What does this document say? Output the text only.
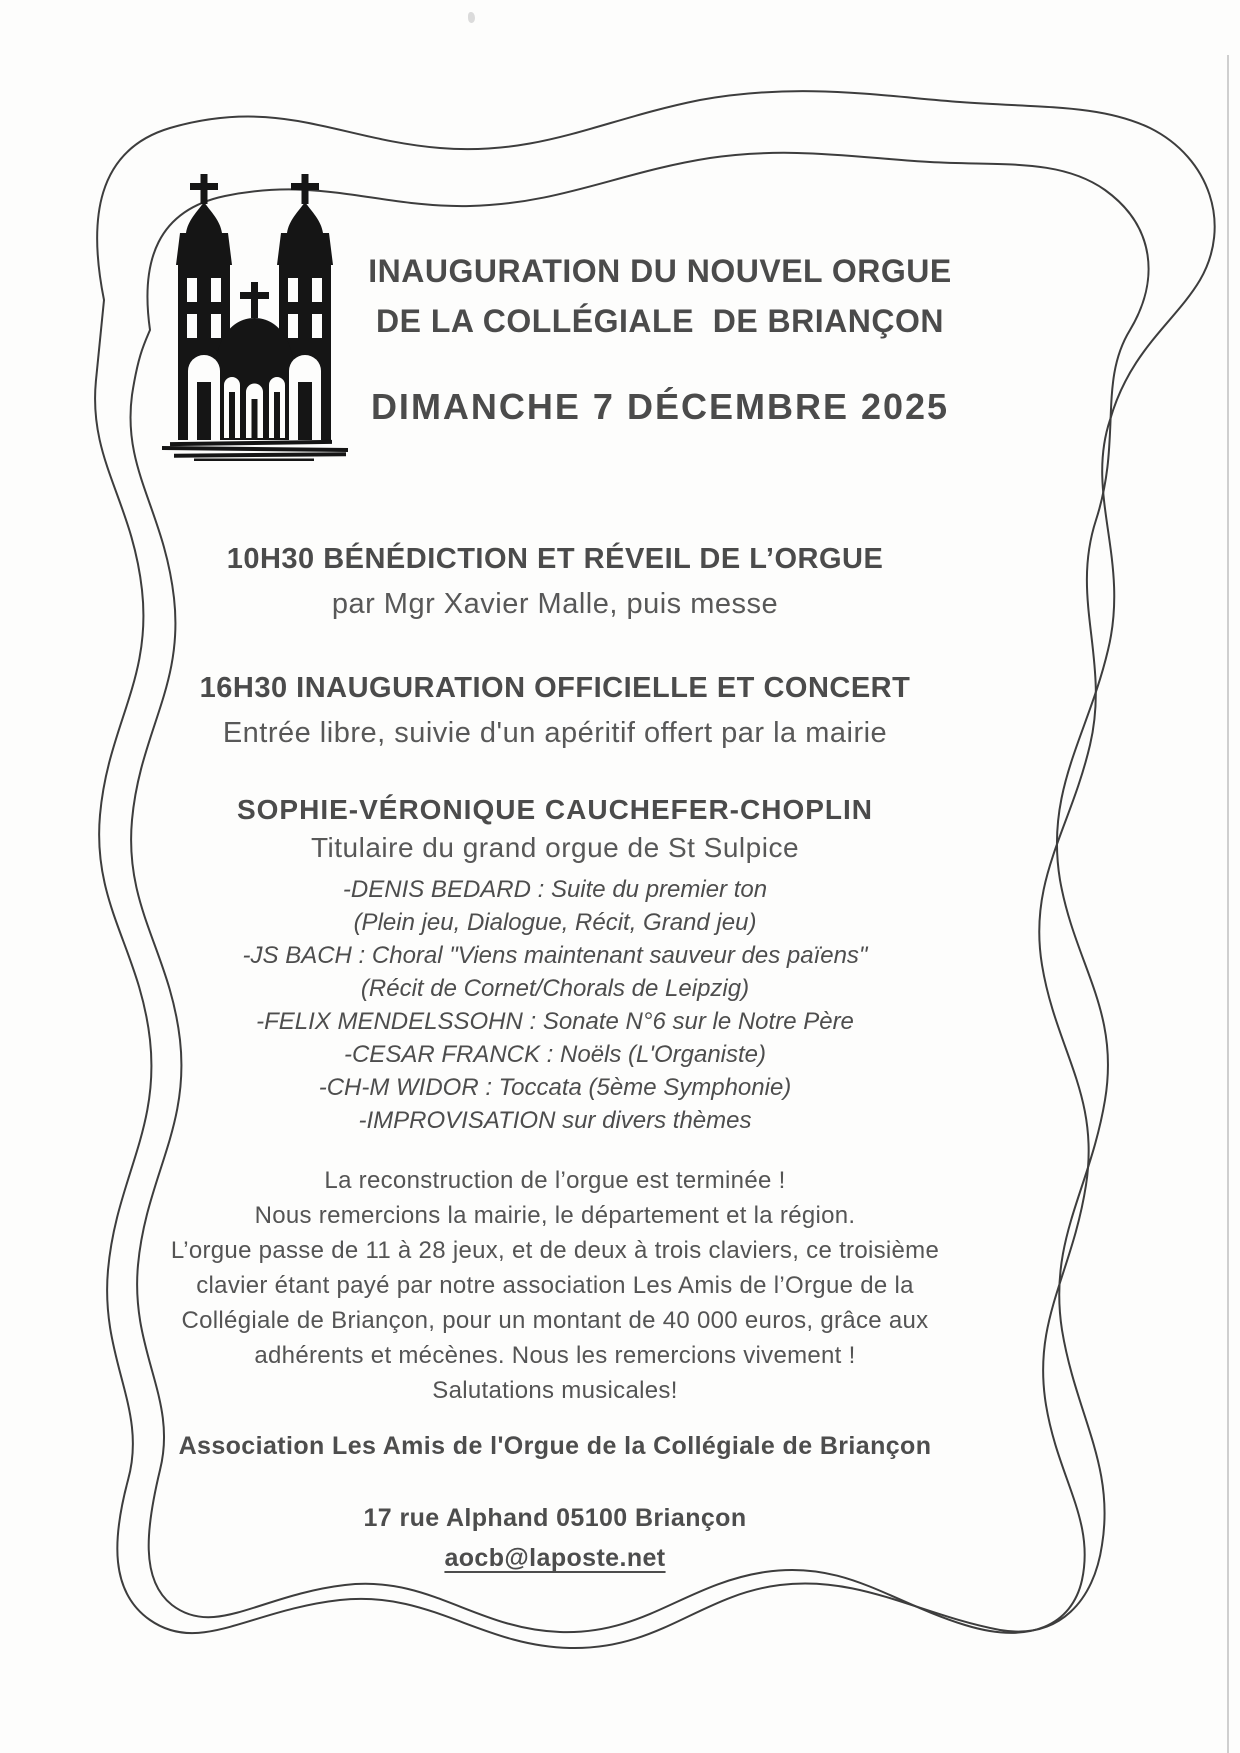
INAUGURATION DU NOUVEL ORGUE
DE LA COLLÉGIALE  DE BRIANÇON
DIMANCHE 7 DÉCEMBRE 2025
10H30 BÉNÉDICTION ET RÉVEIL DE L’ORGUE
par Mgr Xavier Malle, puis messe
16H30 INAUGURATION OFFICIELLE ET CONCERT
Entrée libre, suivie d'un apéritif offert par la mairie
SOPHIE-VÉRONIQUE CAUCHEFER-CHOPLIN
Titulaire du grand orgue de St Sulpice
-DENIS BEDARD : Suite du premier ton
(Plein jeu, Dialogue, Récit, Grand jeu)
-JS BACH : Choral "Viens maintenant sauveur des païens"
(Récit de Cornet/Chorals de Leipzig)
-FELIX MENDELSSOHN : Sonate N°6 sur le Notre Père
-CESAR FRANCK : Noëls (L'Organiste)
-CH-M WIDOR : Toccata (5ème Symphonie)
-IMPROVISATION sur divers thèmes
La reconstruction de l’orgue est terminée !
Nous remercions la mairie, le département et la région.
L’orgue passe de 11 à 28 jeux, et de deux à trois claviers, ce troisième
clavier étant payé par notre association Les Amis de l’Orgue de la
Collégiale de Briançon, pour un montant de 40 000 euros, grâce aux
adhérents et mécènes. Nous les remercions vivement !
Salutations musicales!
Association Les Amis de l'Orgue de la Collégiale de Briançon
17 rue Alphand 05100 Briançon
aocb@laposte.net
